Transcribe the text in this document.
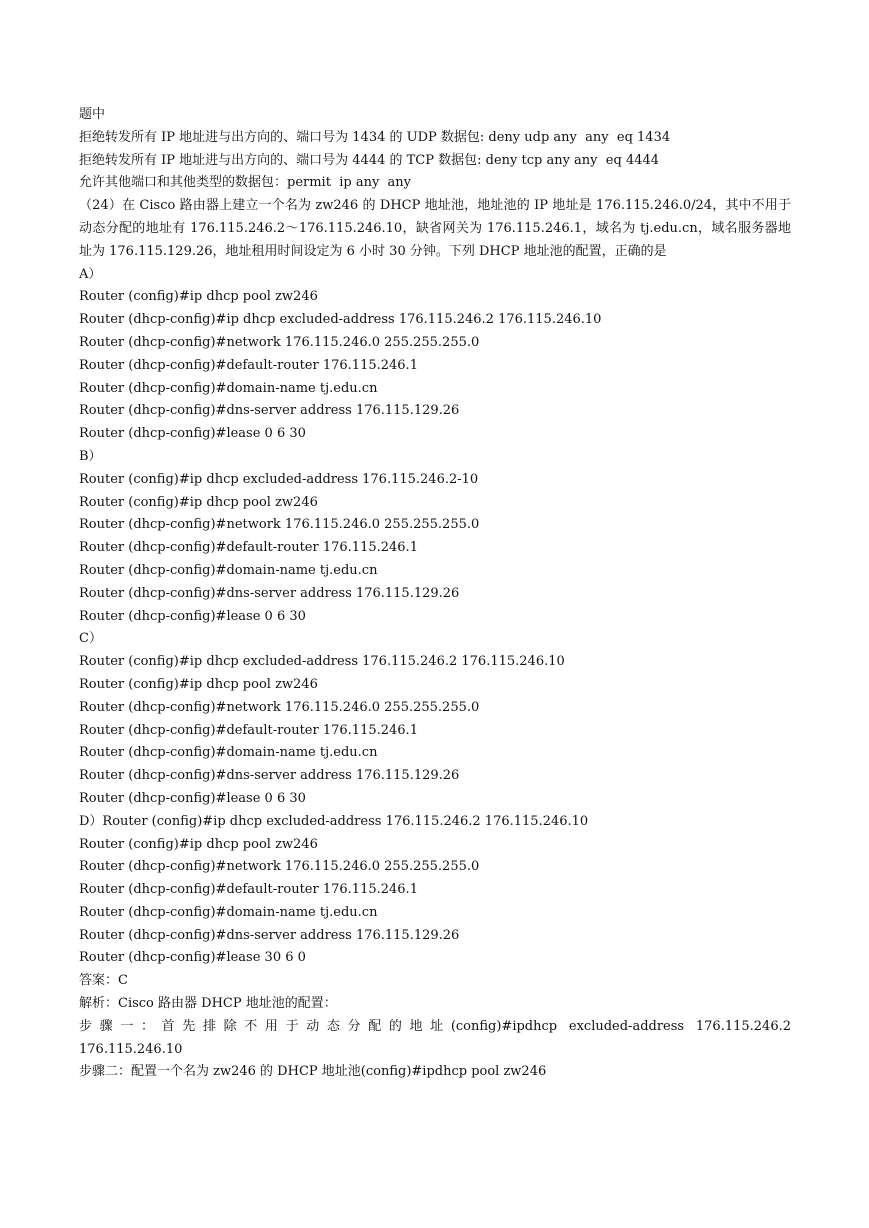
题中
拒绝转发所有 IP 地址进与出方向的、端口号为 1434 的 UDP 数据包: deny udp any  any  eq 1434
拒绝转发所有 IP 地址进与出方向的、端口号为 4444 的 TCP 数据包: deny tcp any any  eq 4444
允许其他端口和其他类型的数据包：permit  ip any  any
（24）在 Cisco 路由器上建立一个名为 zw246 的 DHCP 地址池，地址池的 IP 地址是 176.115.246.0/24，其中不用于动态分配的地址有 176.115.246.2～176.115.246.10，缺省网关为 176.115.246.1，域名为 tj.edu.cn，域名服务器地址为 176.115.129.26，地址租用时间设定为 6 小时 30 分钟。下列 DHCP 地址池的配置，正确的是
A）
Router (config)#ip dhcp pool zw246
Router (dhcp-config)#ip dhcp excluded-address 176.115.246.2 176.115.246.10
Router (dhcp-config)#network 176.115.246.0 255.255.255.0
Router (dhcp-config)#default-router 176.115.246.1
Router (dhcp-config)#domain-name tj.edu.cn
Router (dhcp-config)#dns-server address 176.115.129.26
Router (dhcp-config)#lease 0 6 30
B）
Router (config)#ip dhcp excluded-address 176.115.246.2-10
Router (config)#ip dhcp pool zw246
Router (dhcp-config)#network 176.115.246.0 255.255.255.0
Router (dhcp-config)#default-router 176.115.246.1
Router (dhcp-config)#domain-name tj.edu.cn
Router (dhcp-config)#dns-server address 176.115.129.26
Router (dhcp-config)#lease 0 6 30
C）
Router (config)#ip dhcp excluded-address 176.115.246.2 176.115.246.10
Router (config)#ip dhcp pool zw246
Router (dhcp-config)#network 176.115.246.0 255.255.255.0
Router (dhcp-config)#default-router 176.115.246.1
Router (dhcp-config)#domain-name tj.edu.cn
Router (dhcp-config)#dns-server address 176.115.129.26
Router (dhcp-config)#lease 0 6 30
D）Router (config)#ip dhcp excluded-address 176.115.246.2 176.115.246.10
Router (config)#ip dhcp pool zw246
Router (dhcp-config)#network 176.115.246.0 255.255.255.0
Router (dhcp-config)#default-router 176.115.246.1
Router (dhcp-config)#domain-name tj.edu.cn
Router (dhcp-config)#dns-server address 176.115.129.26
Router (dhcp-config)#lease 30 6 0
答案：C
解析：Cisco 路由器 DHCP 地址池的配置：
步骤一：首先排除不用于动态分配的地址(config)#ipdhcp excluded-address 176.115.246.2
176.115.246.10
步骤二：配置一个名为 zw246 的 DHCP 地址池(config)#ipdhcp pool zw246
